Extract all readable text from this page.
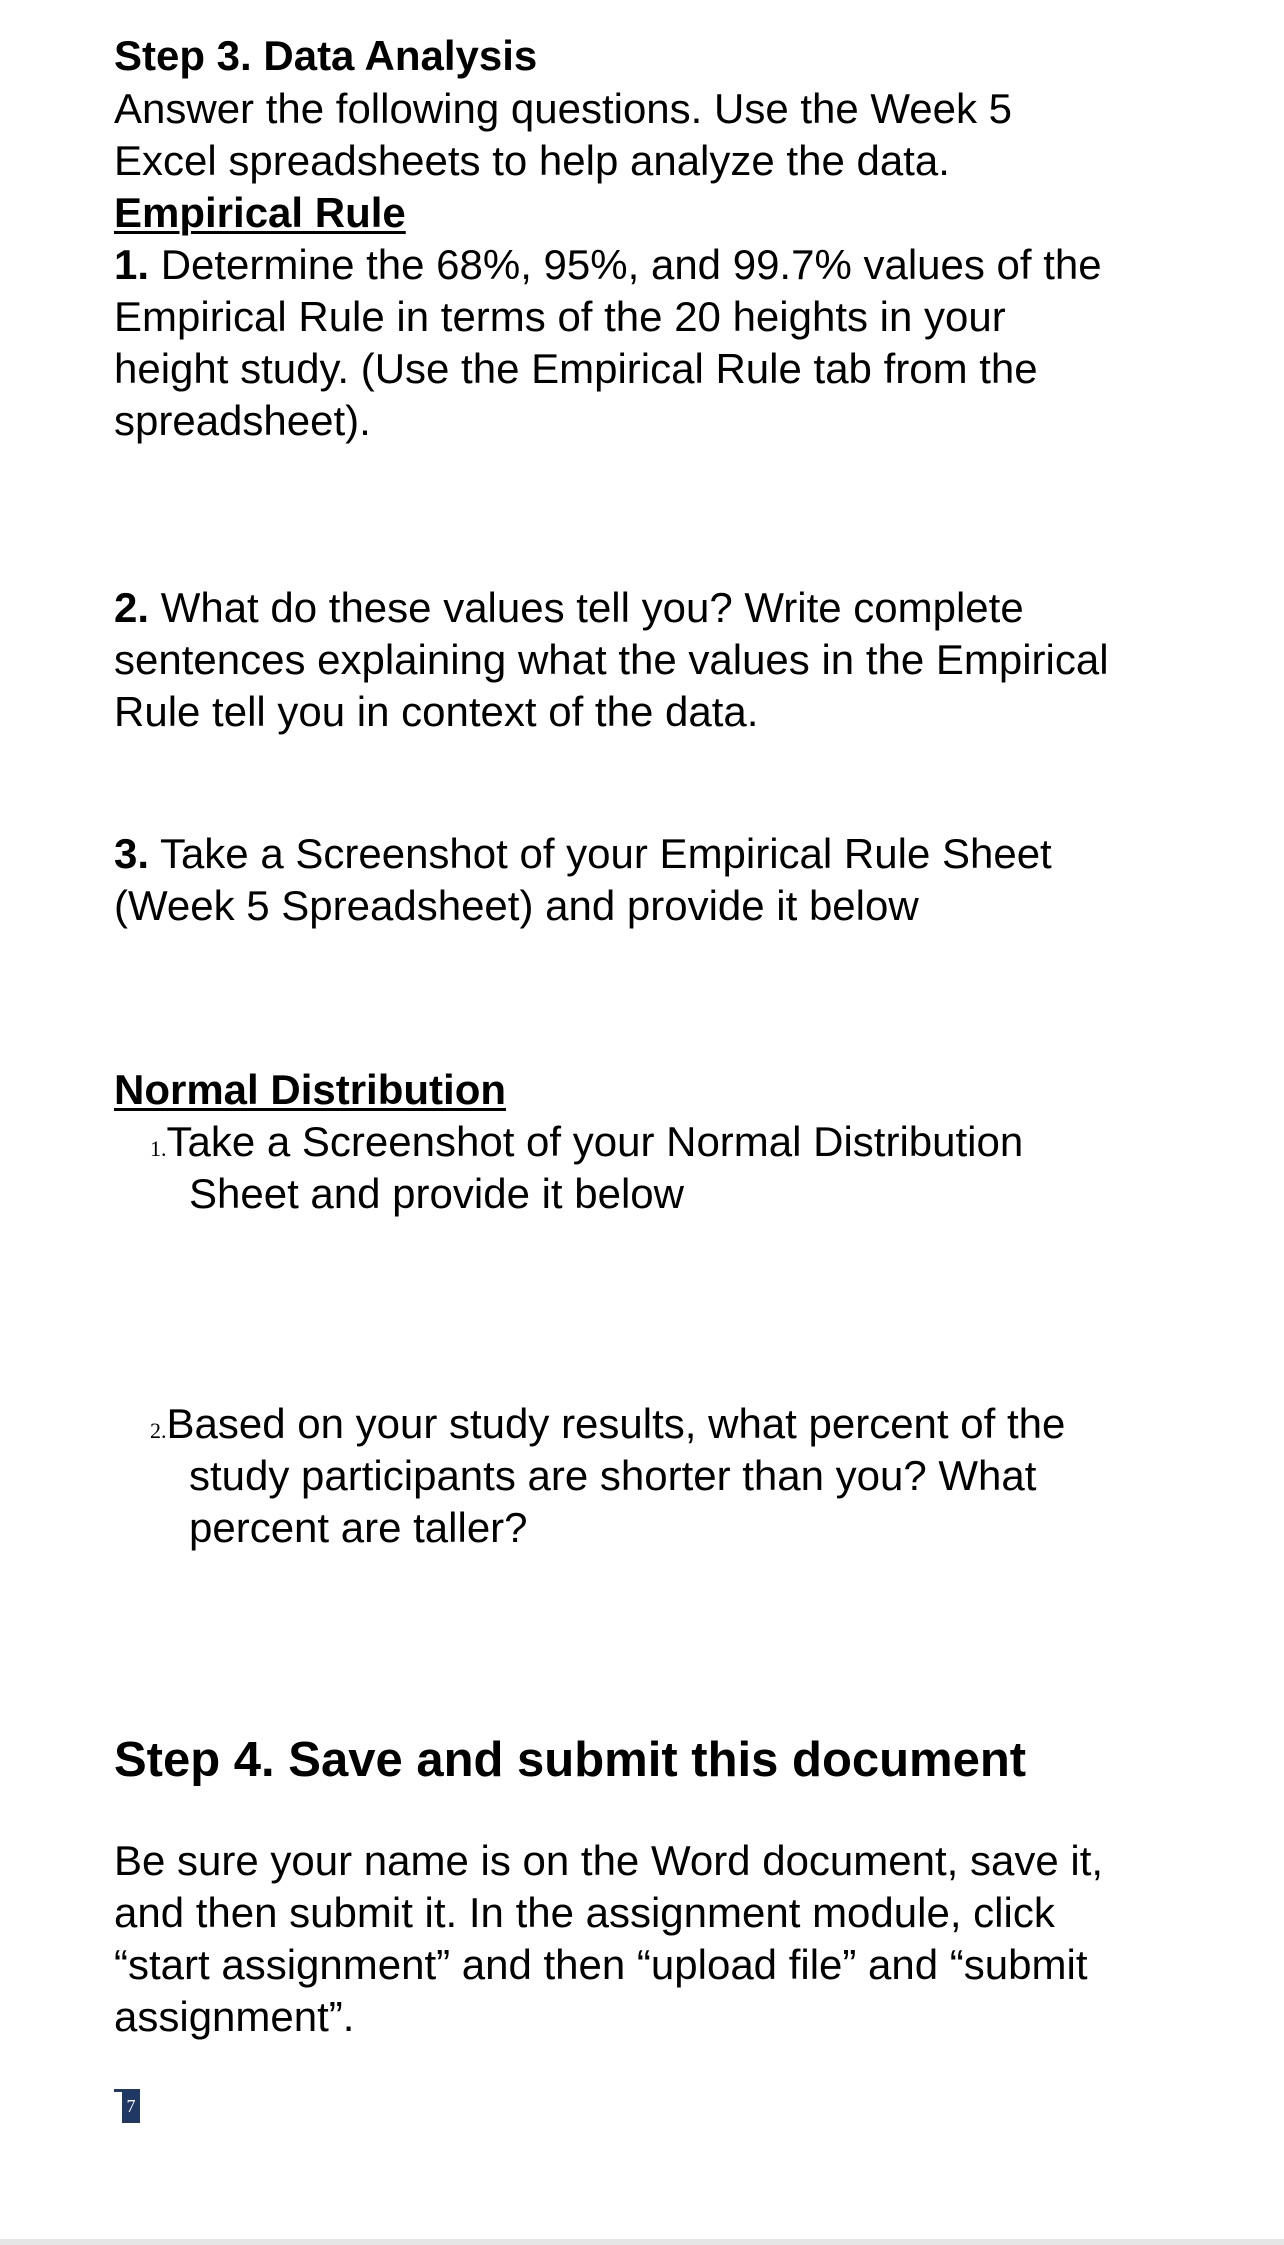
Step 3. Data Analysis
Answer the following questions. Use the Week 5
Excel spreadsheets to help analyze the data.
Empirical Rule
1. Determine the 68%, 95%, and 99.7% values of the
Empirical Rule in terms of the 20 heights in your
height study. (Use the Empirical Rule tab from the
spreadsheet).
2. What do these values tell you? Write complete
sentences explaining what the values in the Empirical
Rule tell you in context of the data.
3. Take a Screenshot of your Empirical Rule Sheet
(Week 5 Spreadsheet) and provide it below
Normal Distribution
1.Take a Screenshot of your Normal Distribution
Sheet and provide it below
2.Based on your study results, what percent of the
study participants are shorter than you? What
percent are taller?
Step 4. Save and submit this document
Be sure your name is on the Word document, save it,
and then submit it. In the assignment module, click
“start assignment” and then “upload file” and “submit
assignment”.
7
